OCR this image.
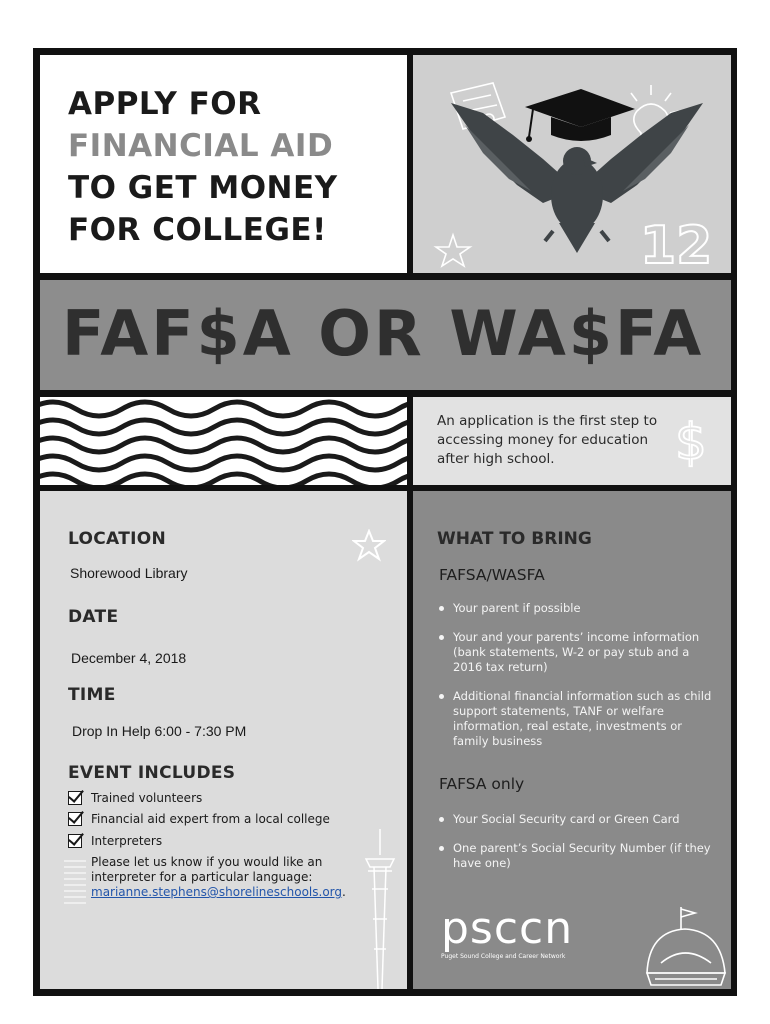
APPLY FOR
FINANCIAL AID
TO GET MONEY
FOR COLLEGE!	12
FAF$A OR WA$FA
An application is the first step to accessing money for education after high school.	$
LOCATION
Shorewood Library
DATE
December 4, 2018
TIME
Drop In Help 6:00 - 7:30 PM
EVENT INCLUDES
Trained volunteers
Financial aid expert from a local college
Interpreters
Please let us know if you would like an interpreter for a particular language: marianne.stephens@shorelineschools.org.
WHAT TO BRING
FAFSA/WASFA
Your parent if possible
Your and your parents’ income information (bank statements, W-2 or pay stub and a 2016 tax return)
Additional financial information such as child support statements, TANF or welfare information, real estate, investments or family business
FAFSA only
Your Social Security card or Green Card
One parent’s Social Security Number (if they have one)
psccn
Puget Sound College and Career Network
